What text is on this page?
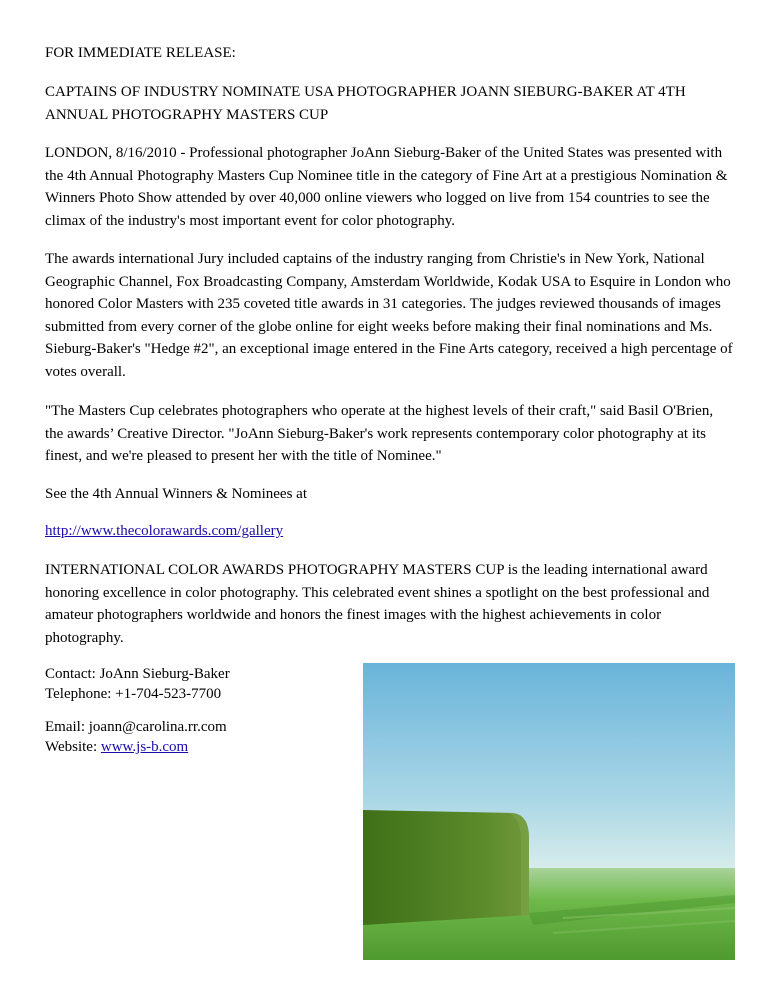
FOR IMMEDIATE RELEASE:

CAPTAINS OF INDUSTRY NOMINATE USA PHOTOGRAPHER JOANN SIEBURG-BAKER AT 4TH ANNUAL PHOTOGRAPHY MASTERS CUP

LONDON, 8/16/2010 - Professional photographer JoAnn Sieburg-Baker of the United States was presented with the 4th Annual Photography Masters Cup Nominee title in the category of Fine Art at a prestigious Nomination & Winners Photo Show attended by over 40,000 online viewers who logged on live from 154 countries to see the climax of the industry's most important event for color photography.

The awards international Jury included captains of the industry ranging from Christie's in New York, National Geographic Channel, Fox Broadcasting Company, Amsterdam Worldwide, Kodak USA to Esquire in London who honored Color Masters with 235 coveted title awards in 31 categories. The judges reviewed thousands of images submitted from every corner of the globe online for eight weeks before making their final nominations and Ms. Sieburg-Baker's "Hedge #2", an exceptional image entered in the Fine Arts category, received a high percentage of votes overall.

"The Masters Cup celebrates photographers who operate at the highest levels of their craft," said Basil O'Brien, the awards’ Creative Director. "JoAnn Sieburg-Baker's work represents contemporary color photography at its finest, and we're pleased to present her with the title of Nominee."

See the 4th Annual Winners & Nominees at

http://www.thecolorawards.com/gallery

INTERNATIONAL COLOR AWARDS PHOTOGRAPHY MASTERS CUP is the leading international award honoring excellence in color photography. This celebrated event shines a spotlight on the best professional and amateur photographers worldwide and honors the finest images with the highest achievements in color photography.

Contact: JoAnn Sieburg-Baker

Telephone: +1-704-523-7700

Email: joann@carolina.rr.com

Website: www.js-b.com
